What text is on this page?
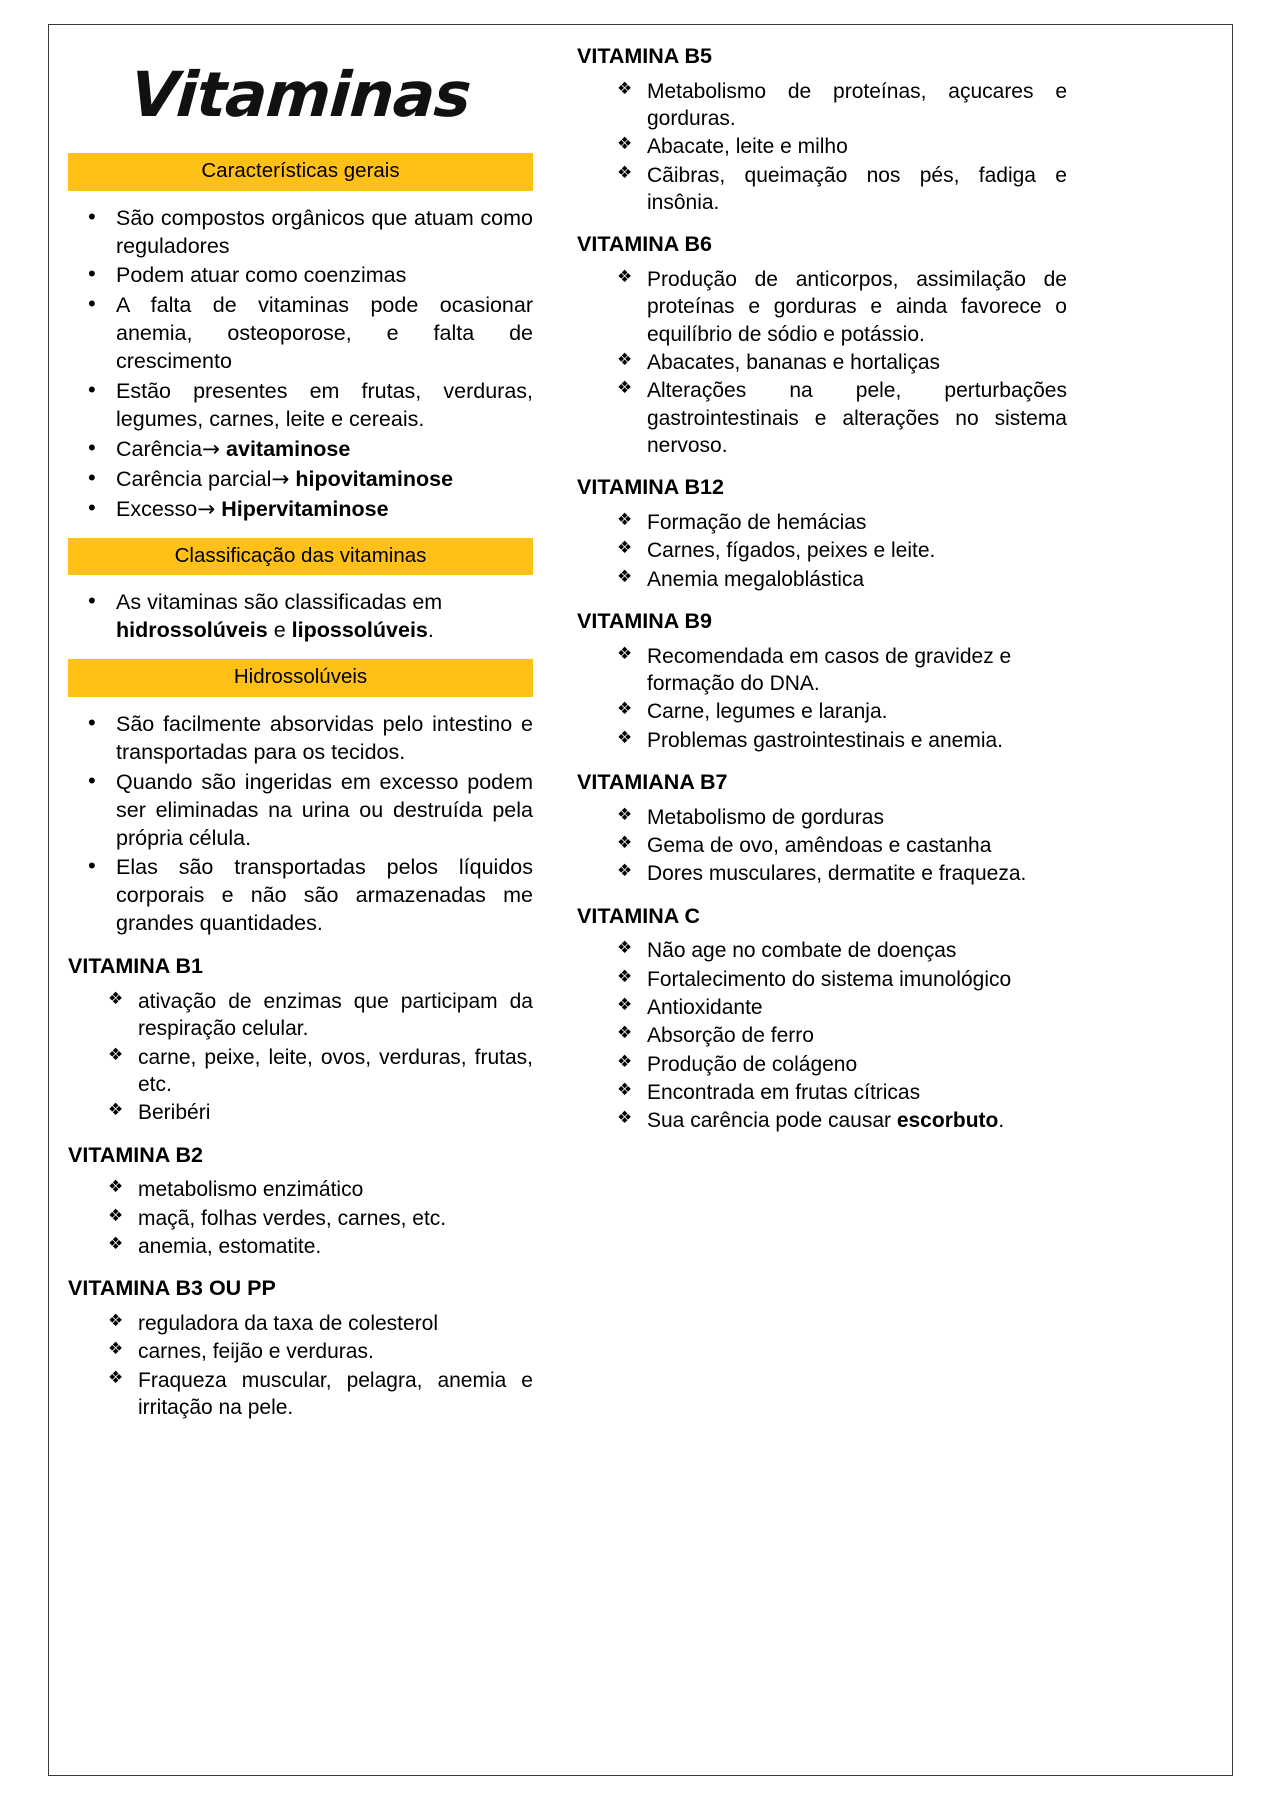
Vitaminas
Características gerais
• São compostos orgânicos que atuam como reguladores
• Podem atuar como coenzimas
• A falta de vitaminas pode ocasionar anemia, osteoporose, e falta de crescimento
• Estão presentes em frutas, verduras, legumes, carnes, leite e cereais.
• Carência→ avitaminose
• Carência parcial→ hipovitaminose
• Excesso→ Hipervitaminose
Classificação das vitaminas
• As vitaminas são classificadas em hidrossolúveis e lipossolúveis.
Hidrossolúveis
• São facilmente absorvidas pelo intestino e transportadas para os tecidos.
• Quando são ingeridas em excesso podem ser eliminadas na urina ou destruída pela própria célula.
• Elas são transportadas pelos líquidos corporais e não são armazenadas me grandes quantidades.
VITAMINA B1
❖ ativação de enzimas que participam da respiração celular.
❖ carne, peixe, leite, ovos, verduras, frutas, etc.
❖ Beribéri
VITAMINA B2
❖ metabolismo enzimático
❖ maçã, folhas verdes, carnes, etc.
❖ anemia, estomatite.
VITAMINA B3 OU PP
❖ reguladora da taxa de colesterol
❖ carnes, feijão e verduras.
❖ Fraqueza muscular, pelagra, anemia e irritação na pele.
VITAMINA B5
❖ Metabolismo de proteínas, açucares e gorduras.
❖ Abacate, leite e milho
❖ Cãibras, queimação nos pés, fadiga e insônia.
VITAMINA B6
❖ Produção de anticorpos, assimilação de proteínas e gorduras e ainda favorece o equilíbrio de sódio e potássio.
❖ Abacates, bananas e hortaliças
❖ Alterações na pele, perturbações gastrointestinais e alterações no sistema nervoso.
VITAMINA B12
❖ Formação de hemácias
❖ Carnes, fígados, peixes e leite.
❖ Anemia megaloblástica
VITAMINA B9
❖ Recomendada em casos de gravidez e formação do DNA.
❖ Carne, legumes e laranja.
❖ Problemas gastrointestinais e anemia.
VITAMIANA B7
❖ Metabolismo de gorduras
❖ Gema de ovo, amêndoas e castanha
❖ Dores musculares, dermatite e fraqueza.
VITAMINA C
❖ Não age no combate de doenças
❖ Fortalecimento do sistema imunológico
❖ Antioxidante
❖ Absorção de ferro
❖ Produção de colágeno
❖ Encontrada em frutas cítricas
❖ Sua carência pode causar escorbuto.
